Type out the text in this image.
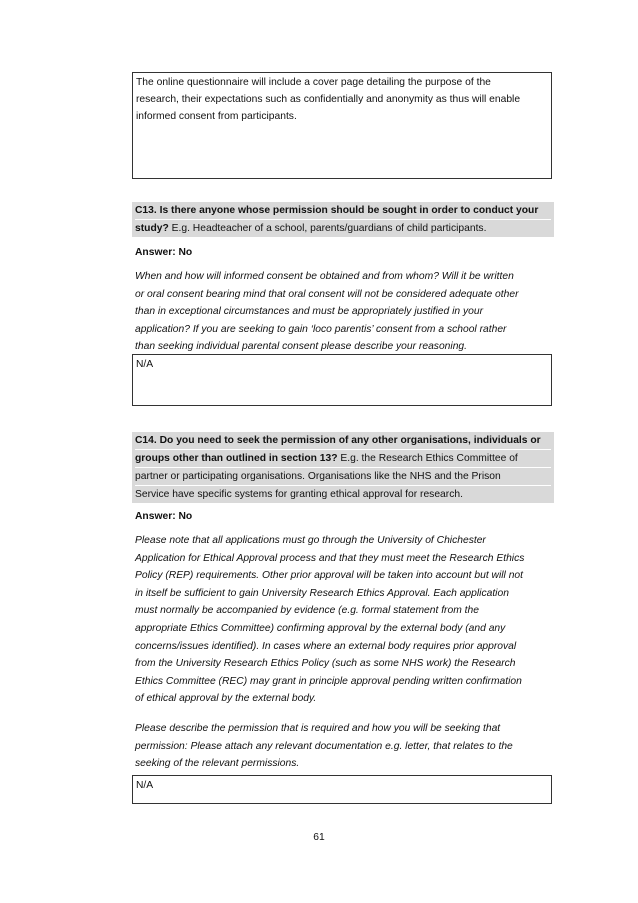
The online questionnaire will include a cover page detailing the purpose of the
research, their expectations such as confidentially and anonymity as thus will enable
informed consent from participants.
C13. Is there anyone whose permission should be sought in order to conduct your
study? E.g. Headteacher of a school, parents/guardians of child participants.
Answer: No
When and how will informed consent be obtained and from whom? Will it be written
or oral consent bearing mind that oral consent will not be considered adequate other
than in exceptional circumstances and must be appropriately justified in your
application? If you are seeking to gain ‘loco parentis’ consent from a school rather
than seeking individual parental consent please describe your reasoning.
N/A
C14. Do you need to seek the permission of any other organisations, individuals or
groups other than outlined in section 13? E.g. the Research Ethics Committee of
partner or participating organisations. Organisations like the NHS and the Prison
Service have specific systems for granting ethical approval for research.
Answer: No
Please note that all applications must go through the University of Chichester
Application for Ethical Approval process and that they must meet the Research Ethics
Policy (REP) requirements. Other prior approval will be taken into account but will not
in itself be sufficient to gain University Research Ethics Approval. Each application
must normally be accompanied by evidence (e.g. formal statement from the
appropriate Ethics Committee) confirming approval by the external body (and any
concerns/issues identified). In cases where an external body requires prior approval
from the University Research Ethics Policy (such as some NHS work) the Research
Ethics Committee (REC) may grant in principle approval pending written confirmation
of ethical approval by the external body.
Please describe the permission that is required and how you will be seeking that
permission: Please attach any relevant documentation e.g. letter, that relates to the
seeking of the relevant permissions.
N/A
61
